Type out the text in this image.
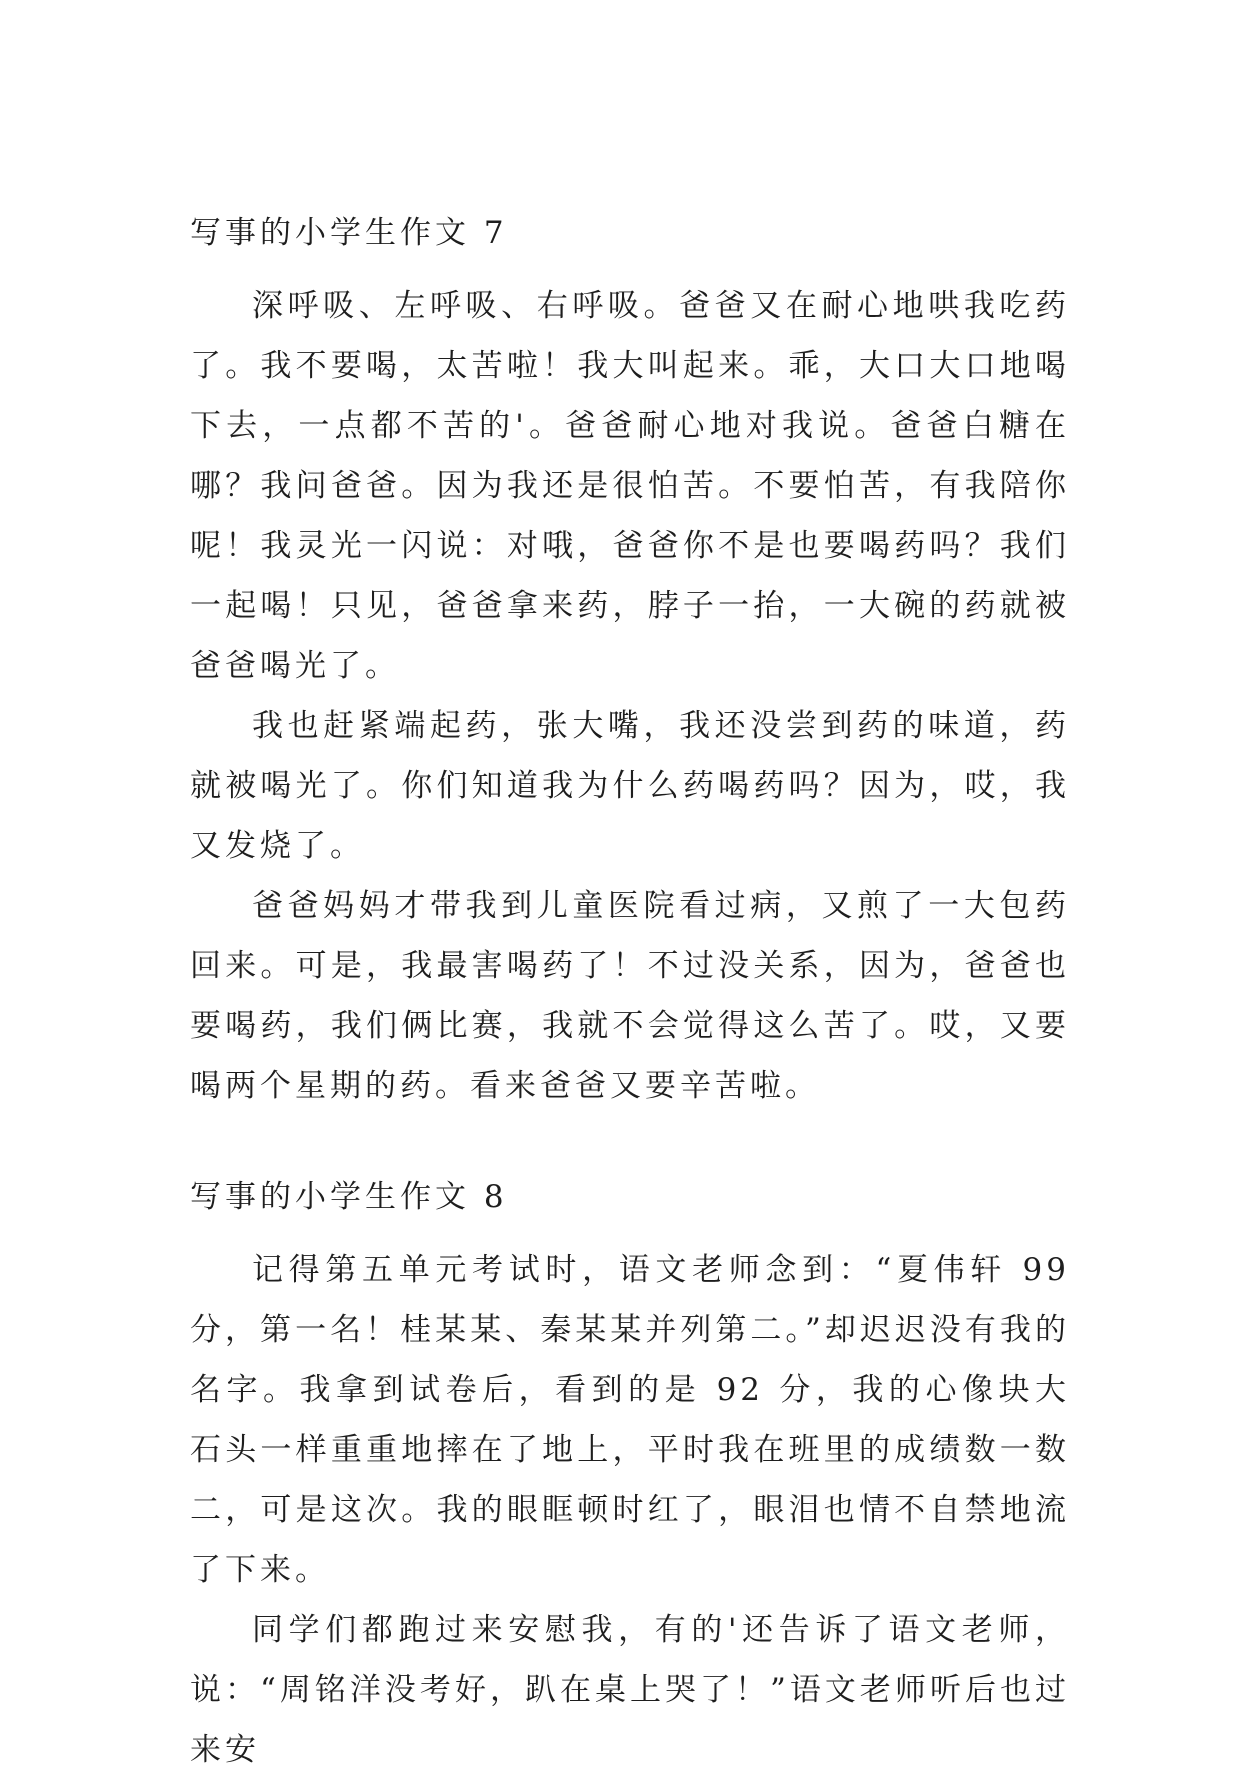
写事的小学生作文 7

深呼吸、左呼吸、右呼吸。爸爸又在耐心地哄我吃药了。我不要喝，太苦啦！我大叫起来。乖，大口大口地喝下去，一点都不苦的'。爸爸耐心地对我说。爸爸白糖在哪？我问爸爸。因为我还是很怕苦。不要怕苦，有我陪你呢！我灵光一闪说：对哦，爸爸你不是也要喝药吗？我们一起喝！只见，爸爸拿来药，脖子一抬，一大碗的药就被爸爸喝光了。

我也赶紧端起药，张大嘴，我还没尝到药的味道，药就被喝光了。你们知道我为什么药喝药吗？因为，哎，我又发烧了。

爸爸妈妈才带我到儿童医院看过病，又煎了一大包药回来。可是，我最害喝药了！不过没关系，因为，爸爸也要喝药，我们俩比赛，我就不会觉得这么苦了。哎，又要喝两个星期的药。看来爸爸又要辛苦啦。

写事的小学生作文 8

记得第五单元考试时，语文老师念到：“夏伟轩 99 分，第一名！桂某某、秦某某并列第二。”却迟迟没有我的名字。我拿到试卷后，看到的是 92 分，我的心像块大石头一样重重地摔在了地上，平时我在班里的成绩数一数二，可是这次。我的眼眶顿时红了，眼泪也情不自禁地流了下来。

同学们都跑过来安慰我，有的'还告诉了语文老师，说：“周铭洋没考好，趴在桌上哭了！”语文老师听后也过来安
